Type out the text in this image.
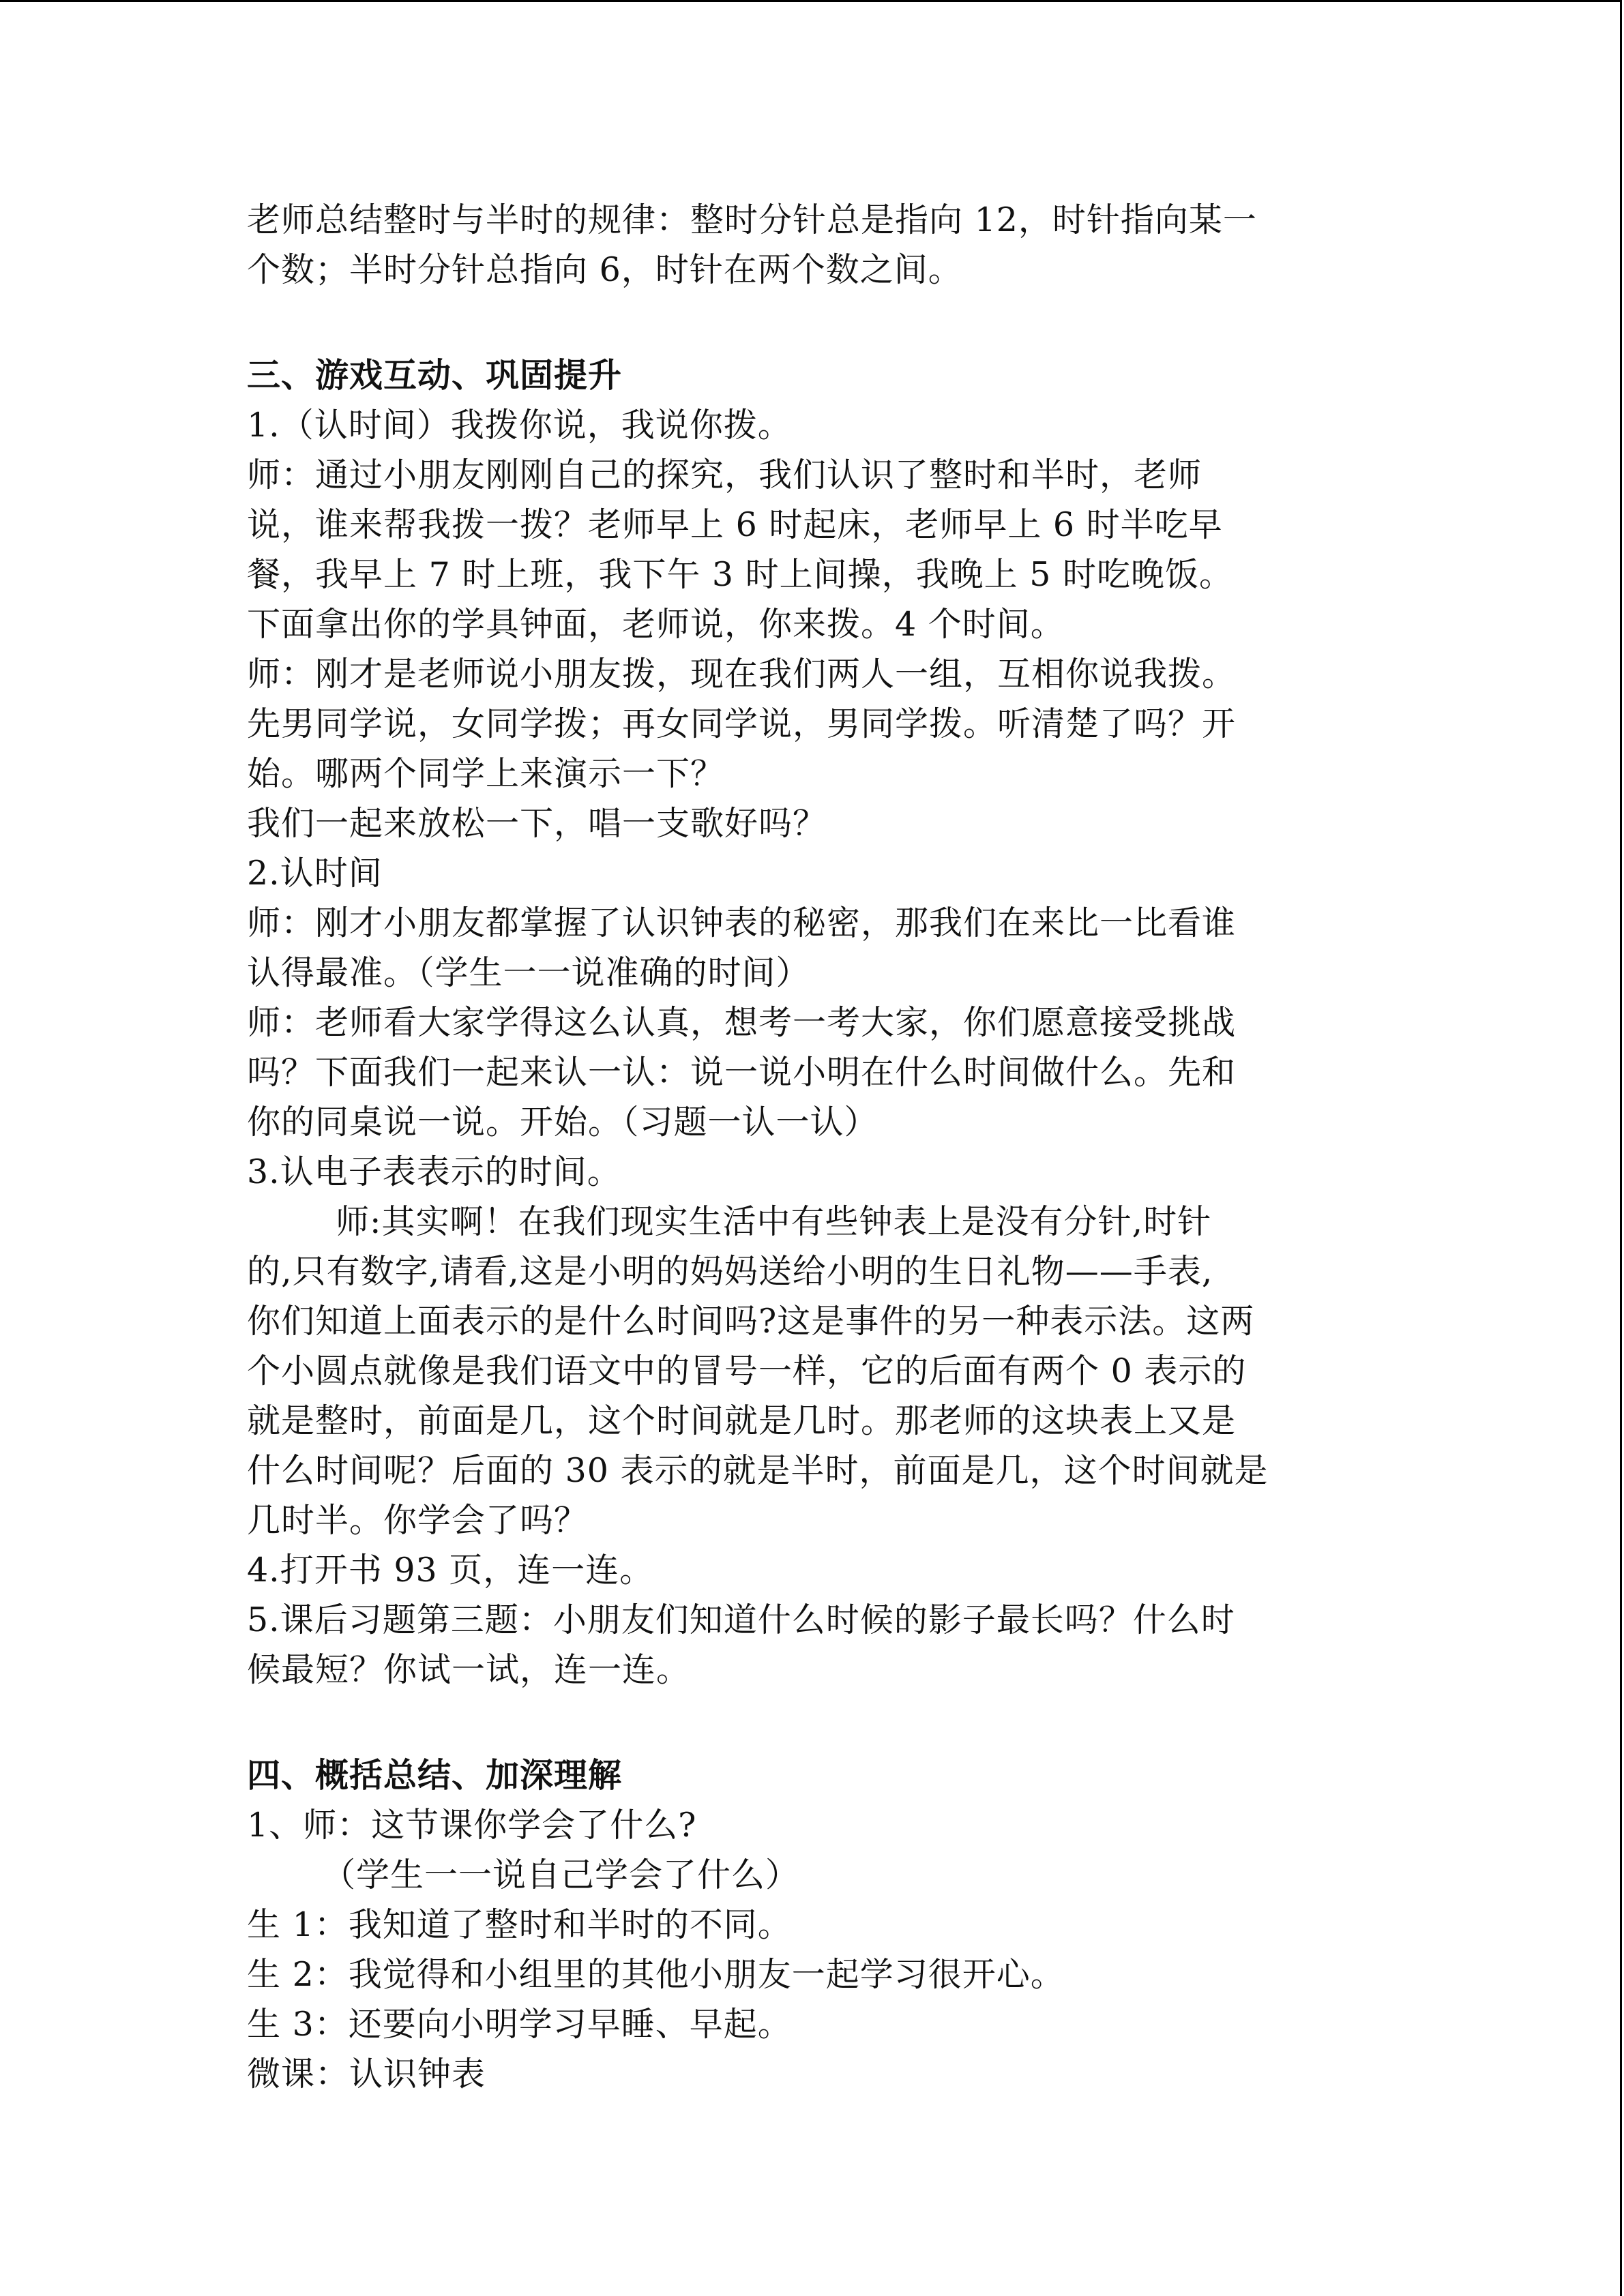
老师总结整时与半时的规律：整时分针总是指向 12，时针指向某一
个数；半时分针总指向 6，时针在两个数之间。
三、游戏互动、巩固提升
1.（认时间）我拨你说，我说你拨。
师：通过小朋友刚刚自己的探究，我们认识了整时和半时，老师
说，谁来帮我拨一拨？老师早上 6 时起床，老师早上 6 时半吃早
餐，我早上 7 时上班，我下午 3 时上间操，我晚上 5 时吃晚饭。
下面拿出你的学具钟面，老师说，你来拨。4 个时间。
师：刚才是老师说小朋友拨，现在我们两人一组，互相你说我拨。
先男同学说，女同学拨；再女同学说，男同学拨。听清楚了吗？开
始。哪两个同学上来演示一下？
我们一起来放松一下，唱一支歌好吗？
2.认时间
师：刚才小朋友都掌握了认识钟表的秘密，那我们在来比一比看谁
认得最准。（学生一一说准确的时间）
师：老师看大家学得这么认真，想考一考大家，你们愿意接受挑战
吗？下面我们一起来认一认：说一说小明在什么时间做什么。先和
你的同桌说一说。开始。（习题一认一认）
3.认电子表表示的时间。
师:其实啊！在我们现实生活中有些钟表上是没有分针,时针
的,只有数字,请看,这是小明的妈妈送给小明的生日礼物——手表,
你们知道上面表示的是什么时间吗?这是事件的另一种表示法。这两
个小圆点就像是我们语文中的冒号一样，它的后面有两个 0 表示的
就是整时，前面是几，这个时间就是几时。那老师的这块表上又是
什么时间呢？后面的 30 表示的就是半时，前面是几，这个时间就是
几时半。你学会了吗？
4.打开书 93 页，连一连。
5.课后习题第三题：小朋友们知道什么时候的影子最长吗？什么时
候最短？你试一试，连一连。
四、概括总结、加深理解
1、师：这节课你学会了什么?
（学生一一说自己学会了什么）
生 1：我知道了整时和半时的不同。
生 2：我觉得和小组里的其他小朋友一起学习很开心。
生 3：还要向小明学习早睡、早起。
微课：认识钟表
